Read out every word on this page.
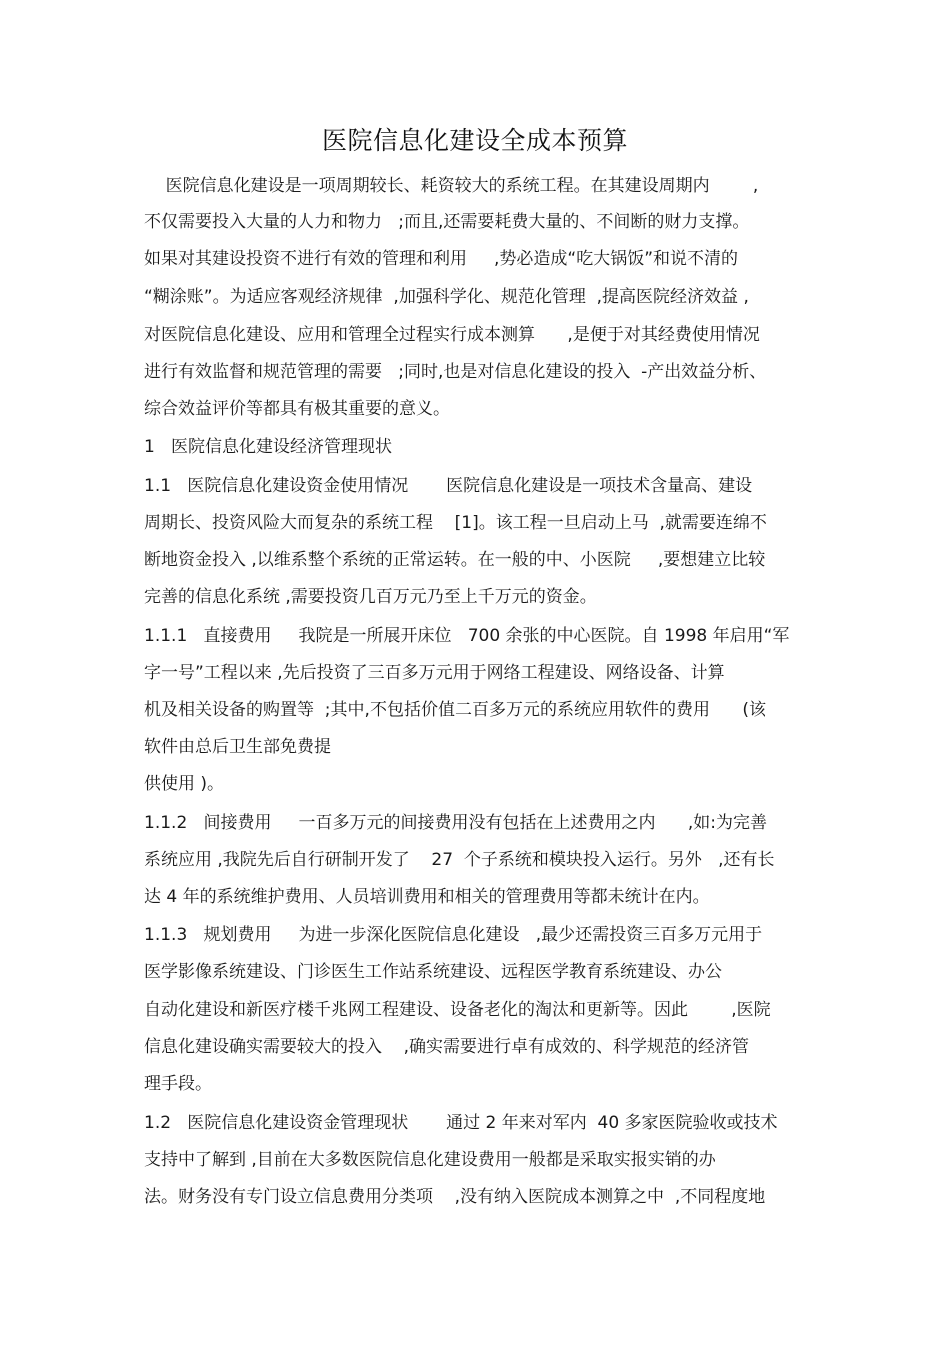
医院信息化建设全成本预算
医院信息化建设是一项周期较长、耗资较大的系统工程。在其建设周期内        ,
不仅需要投入大量的人力和物力   ;而且,还需要耗费大量的、不间断的财力支撑。
如果对其建设投资不进行有效的管理和利用     ,势必造成“吃大锅饭”和说不清的
“糊涂账”。为适应客观经济规律  ,加强科学化、规范化管理  ,提高医院经济效益 ,
对医院信息化建设、应用和管理全过程实行成本测算      ,是便于对其经费使用情况
进行有效监督和规范管理的需要   ;同时,也是对信息化建设的投入  -产出效益分析、
综合效益评价等都具有极其重要的意义。
1   医院信息化建设经济管理现状
1.1   医院信息化建设资金使用情况       医院信息化建设是一项技术含量高、建设
周期长、投资风险大而复杂的系统工程    [1]。该工程一旦启动上马  ,就需要连绵不
断地资金投入 ,以维系整个系统的正常运转。在一般的中、小医院     ,要想建立比较
完善的信息化系统 ,需要投资几百万元乃至上千万元的资金。
1.1.1   直接费用     我院是一所展开床位   700 余张的中心医院。自 1998 年启用“军
字一号”工程以来 ,先后投资了三百多万元用于网络工程建设、网络设备、计算
机及相关设备的购置等  ;其中,不包括价值二百多万元的系统应用软件的费用      (该
软件由总后卫生部免费提
供使用 )。
1.1.2   间接费用     一百多万元的间接费用没有包括在上述费用之内      ,如:为完善
系统应用 ,我院先后自行研制开发了    27  个子系统和模块投入运行。另外   ,还有长
达 4 年的系统维护费用、人员培训费用和相关的管理费用等都未统计在内。
1.1.3   规划费用     为进一步深化医院信息化建设   ,最少还需投资三百多万元用于
医学影像系统建设、门诊医生工作站系统建设、远程医学教育系统建设、办公
自动化建设和新医疗楼千兆网工程建设、设备老化的淘汰和更新等。因此        ,医院
信息化建设确实需要较大的投入    ,确实需要进行卓有成效的、科学规范的经济管
理手段。
1.2   医院信息化建设资金管理现状       通过 2 年来对军内  40 多家医院验收或技术
支持中了解到 ,目前在大多数医院信息化建设费用一般都是采取实报实销的办
法。财务没有专门设立信息费用分类项    ,没有纳入医院成本测算之中  ,不同程度地
